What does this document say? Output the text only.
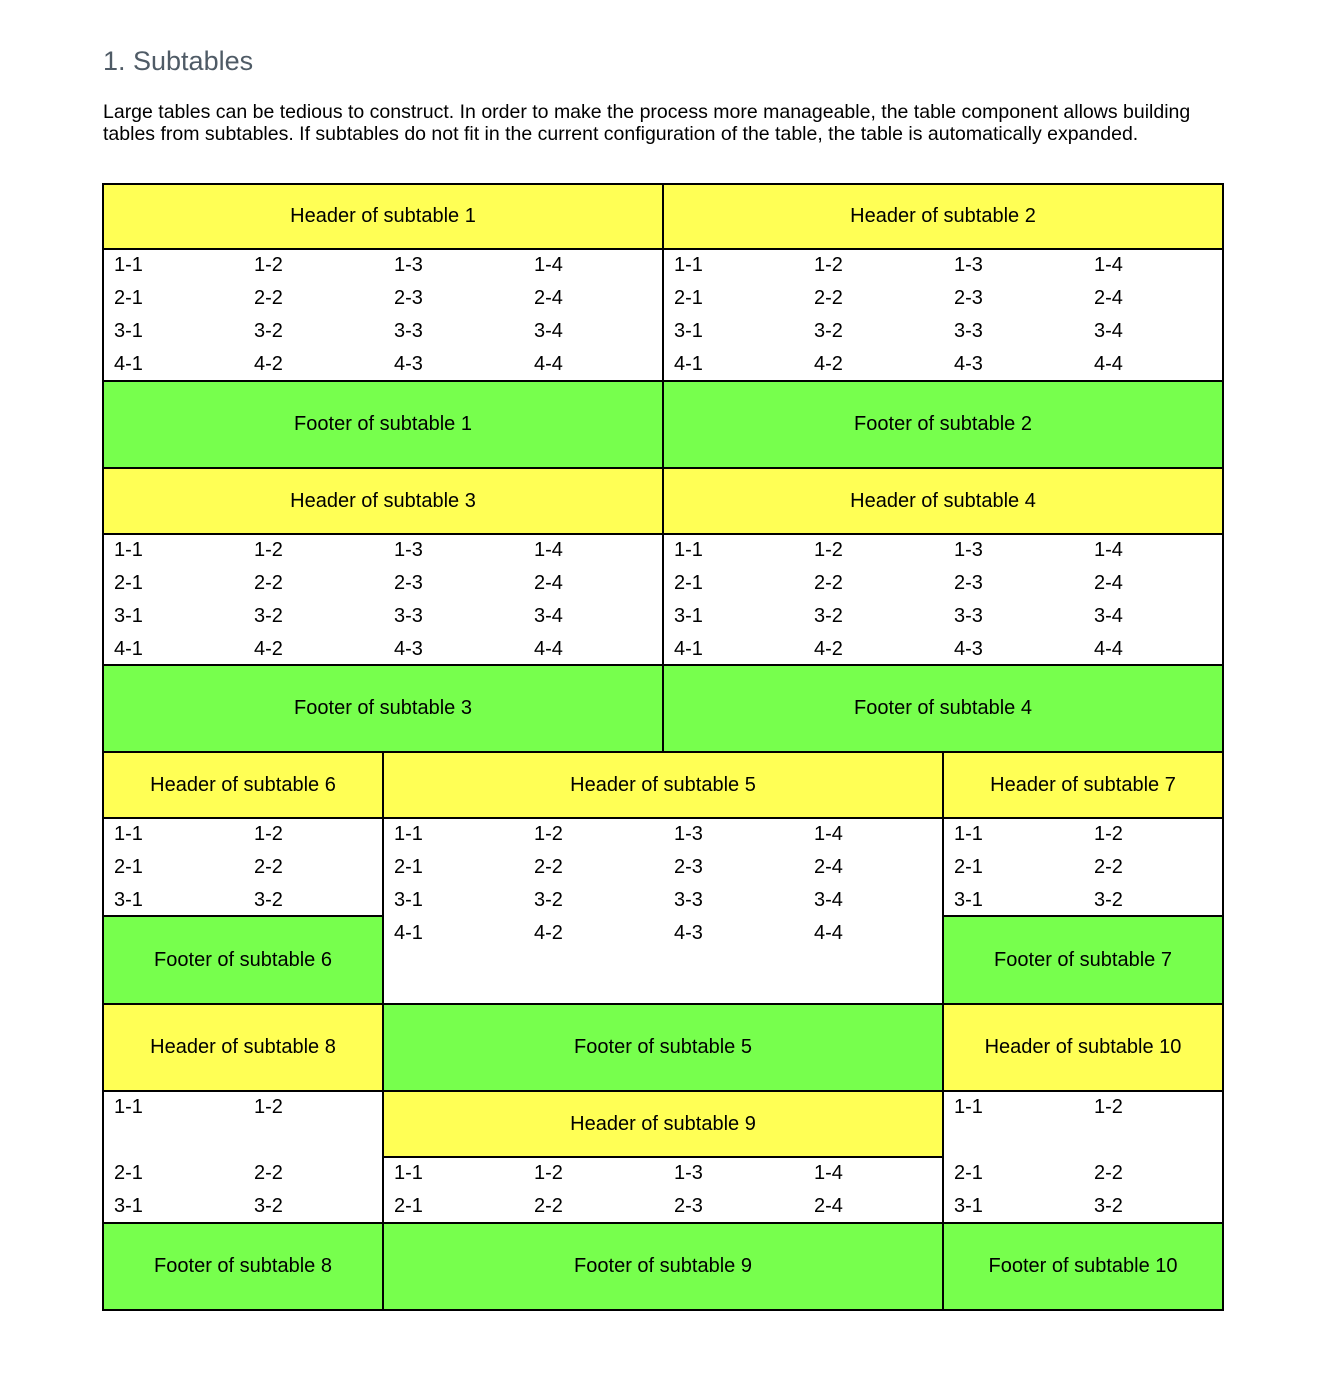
1. Subtables

Large tables can be tedious to construct. In order to make the process more manageable, the table component allows building tables from subtables. If subtables do not fit in the current configuration of the table, the table is automatically expanded.

Header of subtable 1
1-1	1-2	1-3	1-4
2-1	2-2	2-3	2-4
3-1	3-2	3-3	3-4
4-1	4-2	4-3	4-4
Footer of subtable 1
Header of subtable 2
1-1	1-2	1-3	1-4
2-1	2-2	2-3	2-4
3-1	3-2	3-3	3-4
4-1	4-2	4-3	4-4
Footer of subtable 2
Header of subtable 3
1-1	1-2	1-3	1-4
2-1	2-2	2-3	2-4
3-1	3-2	3-3	3-4
4-1	4-2	4-3	4-4
Footer of subtable 3
Header of subtable 4
1-1	1-2	1-3	1-4
2-1	2-2	2-3	2-4
3-1	3-2	3-3	3-4
4-1	4-2	4-3	4-4
Footer of subtable 4
Header of subtable 6
1-1	1-2
2-1	2-2
3-1	3-2
Footer of subtable 6
Header of subtable 5
1-1	1-2	1-3	1-4
2-1	2-2	2-3	2-4
3-1	3-2	3-3	3-4
4-1	4-2	4-3	4-4
Footer of subtable 5
Header of subtable 7
1-1	1-2
2-1	2-2
3-1	3-2
Footer of subtable 7
Header of subtable 8
1-1	1-2
2-1	2-2
3-1	3-2
Footer of subtable 8
Header of subtable 9
1-1	1-2	1-3	1-4
2-1	2-2	2-3	2-4
Footer of subtable 9
Header of subtable 10
1-1	1-2
2-1	2-2
3-1	3-2
Footer of subtable 10
